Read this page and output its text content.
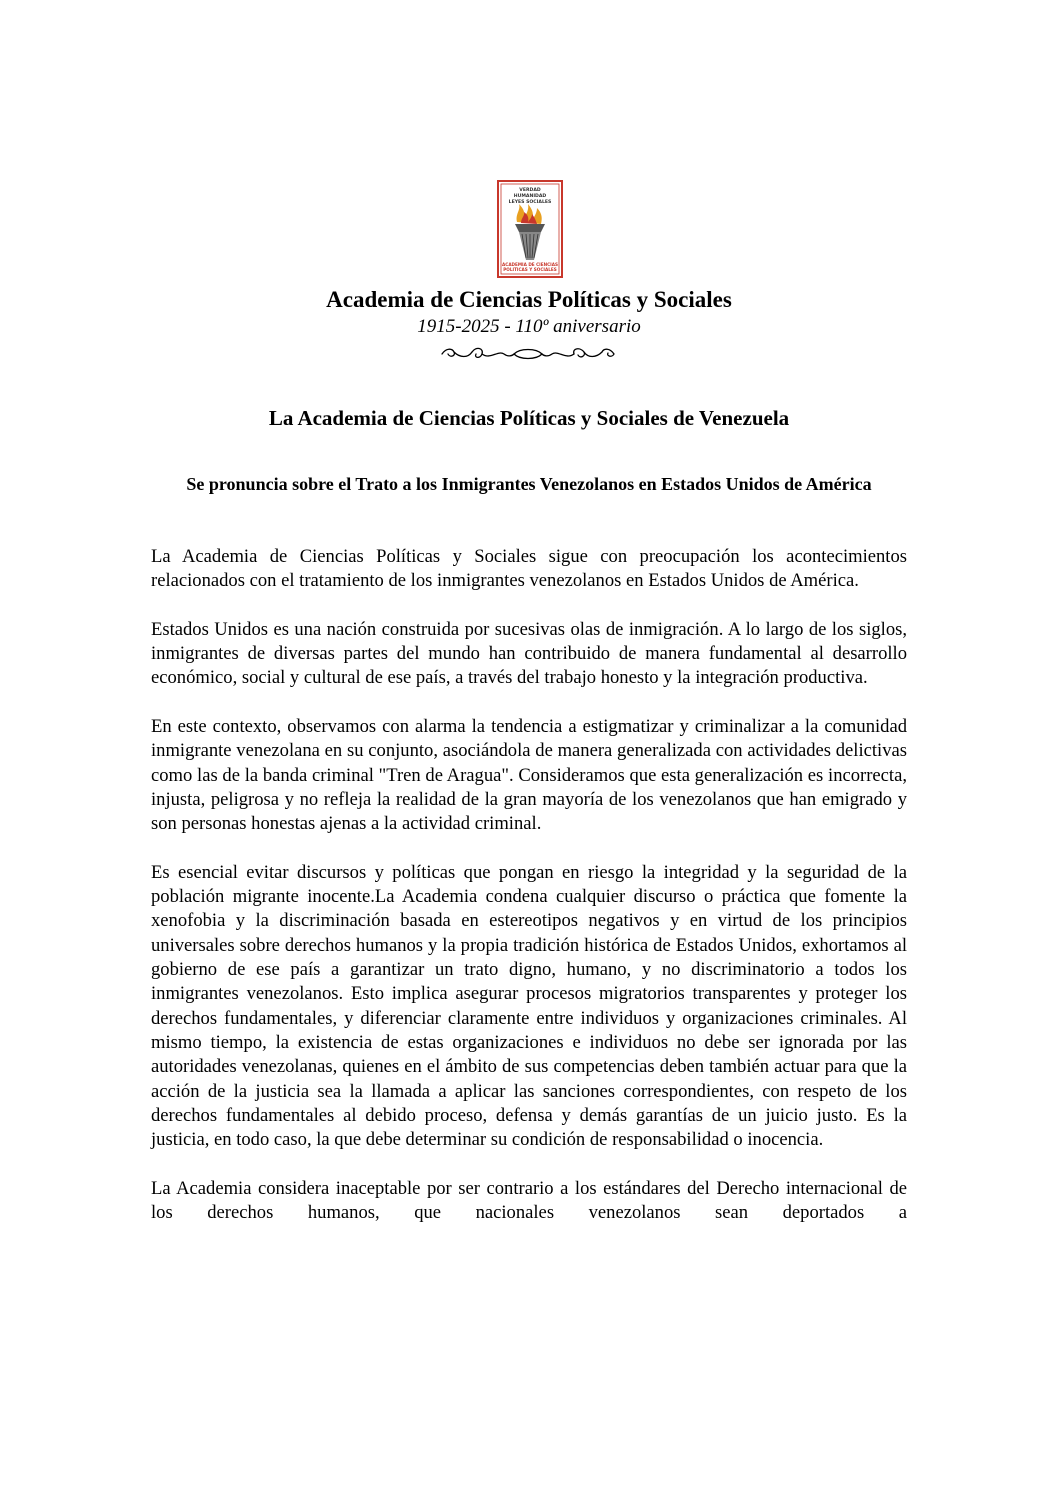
VERDAD
HUMANIDAD
LEYES SOCIALES
ACADEMIA DE CIENCIAS
POLITICAS Y SOCIALES
Academia de Ciencias Políticas y Sociales
1915-2025 - 110º aniversario
La Academia de Ciencias Políticas y Sociales de Venezuela
Se pronuncia sobre el Trato a los Inmigrantes Venezolanos en Estados Unidos de América

La Academia de Ciencias Políticas y Sociales sigue con preocupación los acontecimientos relacionados con el tratamiento de los inmigrantes venezolanos en Estados Unidos de América.

Estados Unidos es una nación construida por sucesivas olas de inmigración. A lo largo de los siglos, inmigrantes de diversas partes del mundo han contribuido de manera fundamental al desarrollo económico, social y cultural de ese país, a través del trabajo honesto y la integración productiva.

En este contexto, observamos con alarma la tendencia a estigmatizar y criminalizar a la comunidad inmigrante venezolana en su conjunto, asociándola de manera generalizada con actividades delictivas como las de la banda criminal "Tren de Aragua". Consideramos que esta generalización es incorrecta, injusta, peligrosa y no refleja la realidad de la gran mayoría de los venezolanos que han emigrado y son personas honestas ajenas a la actividad criminal.

Es esencial evitar discursos y políticas que pongan en riesgo la integridad y la seguridad de la población migrante inocente.La Academia condena cualquier discurso o práctica que fomente la xenofobia y la discriminación basada en estereotipos negativos y en virtud de los principios universales sobre derechos humanos y la propia tradición histórica de Estados Unidos, exhortamos al gobierno de ese país a garantizar un trato digno, humano, y no discriminatorio a todos los inmigrantes venezolanos. Esto implica asegurar procesos migratorios transparentes y proteger los derechos fundamentales, y diferenciar claramente entre individuos y organizaciones criminales. Al mismo tiempo, la existencia de estas organizaciones e individuos no debe ser ignorada por las autoridades venezolanas, quienes en el ámbito de sus competencias deben también actuar para que la acción de la justicia sea la llamada a aplicar las sanciones correspondientes, con respeto de los derechos fundamentales al debido proceso, defensa y demás garantías de un juicio justo. Es la justicia, en todo caso, la que debe determinar su condición de responsabilidad o inocencia.

La Academia considera inaceptable por ser contrario a los estándares del Derecho internacional de los derechos humanos, que nacionales venezolanos sean deportados a
